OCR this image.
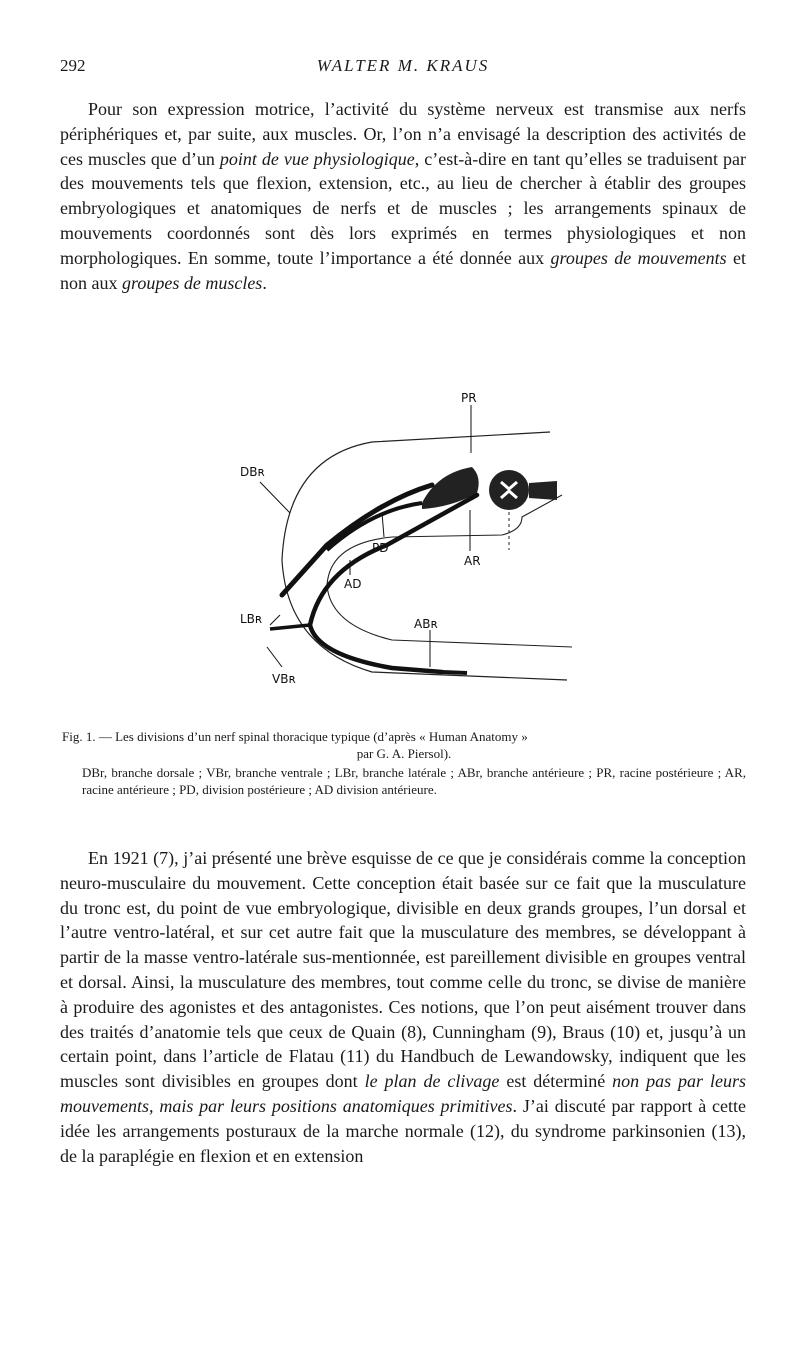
292	WALTER M. KRAUS

Pour son expression motrice, l’activité du système nerveux est transmise aux nerfs périphériques et, par suite, aux muscles. Or, l’on n’a envisagé la description des activités de ces muscles que d’un point de vue physiologique, c’est-à-dire en tant qu’elles se traduisent par des mouvements tels que flexion, extension, etc., au lieu de chercher à établir des groupes embryologiques et anatomiques de nerfs et de muscles ; les arrangements spinaux de mouvements coordonnés sont dès lors exprimés en termes physiologiques et non morphologiques. En somme, toute l’importance a été donnée aux groupes de mouvements et non aux groupes de muscles.

PR
DBʀ
PD
AR
AD
LBʀ	ABʀ
VBʀ

Fig. 1. — Les divisions d’un nerf spinal thoracique typique (d’après « Human Anatomy »
par G. A. Piersol).

DBr, branche dorsale ; VBr, branche ventrale ; LBr, branche latérale ; ABr, branche antérieure ; PR, racine postérieure ; AR, racine antérieure ; PD, division postérieure ; AD division antérieure.

En 1921 (7), j’ai présenté une brève esquisse de ce que je considérais comme la conception neuro-musculaire du mouvement. Cette conception était basée sur ce fait que la musculature du tronc est, du point de vue embryologique, divisible en deux grands groupes, l’un dorsal et l’autre ventro-latéral, et sur cet autre fait que la musculature des membres, se développant à partir de la masse ventro-latérale sus-mentionnée, est pareillement divisible en groupes ventral et dorsal. Ainsi, la musculature des membres, tout comme celle du tronc, se divise de manière à produire des agonistes et des antagonistes. Ces notions, que l’on peut aisément trouver dans des traités d’anatomie tels que ceux de Quain (8), Cunningham (9), Braus (10) et, jusqu’à un certain point, dans l’article de Flatau (11) du Handbuch de Lewandowsky, indiquent que les muscles sont divisibles en groupes dont le plan de clivage est déterminé non pas par leurs mouvements, mais par leurs positions anatomiques primitives. J’ai discuté par rapport à cette idée les arrangements posturaux de la marche normale (12), du syndrome parkinsonien (13), de la paraplégie en flexion et en extension
